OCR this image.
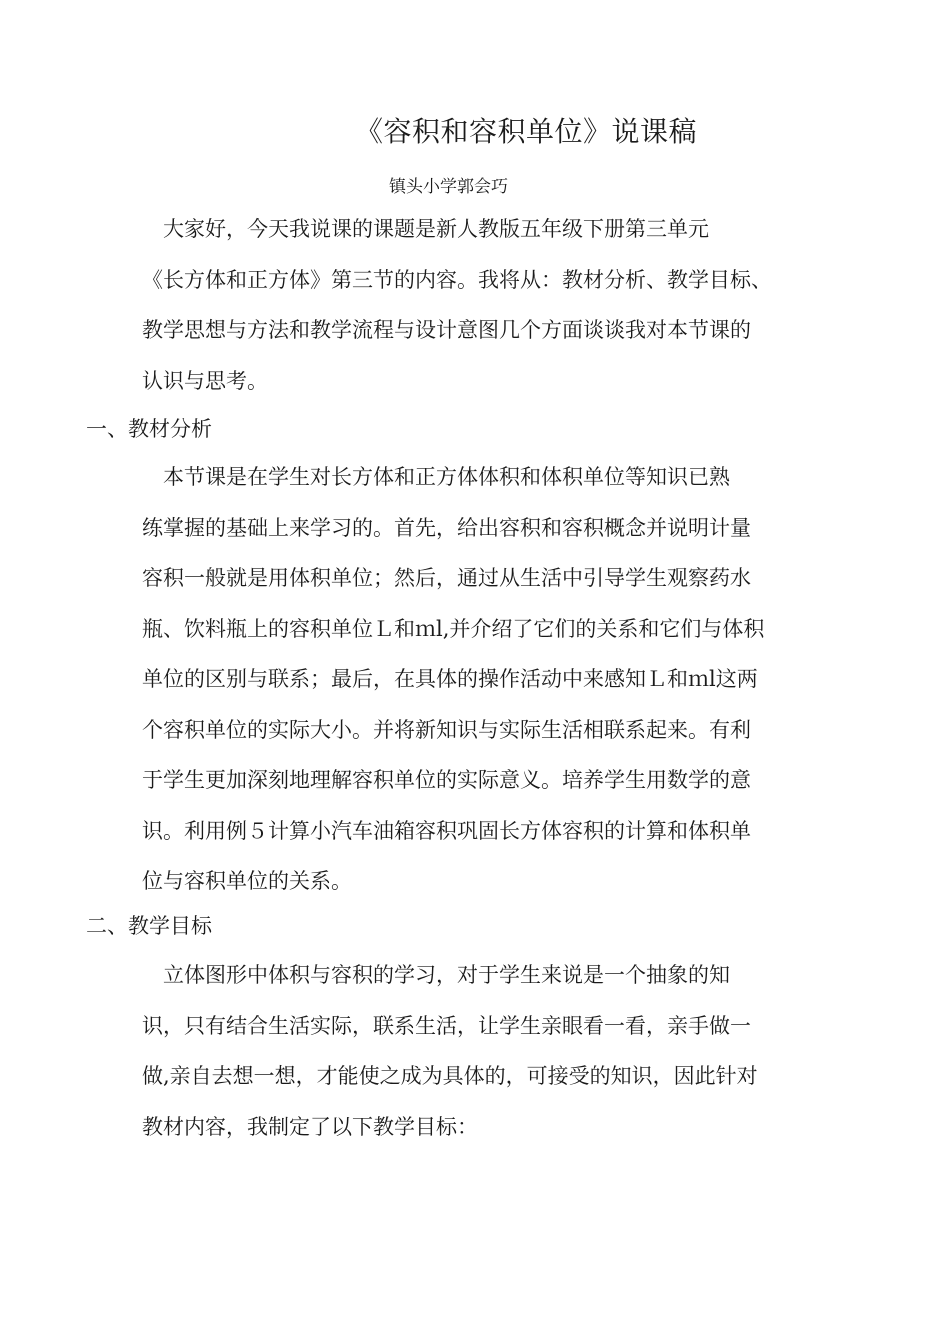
《容积和容积单位》说课稿
镇头小学郭会巧
　大家好，今天我说课的课题是新人教版五年级下册第三单元
《长方体和正方体》第三节的内容。我将从：教材分析、教学目标、
教学思想与方法和教学流程与设计意图几个方面谈谈我对本节课的
认识与思考。
一、教材分析
　本节课是在学生对长方体和正方体体积和体积单位等知识已熟
练掌握的基础上来学习的。首先，给出容积和容积概念并说明计量
容积一般就是用体积单位；然后，通过从生活中引导学生观察药水
瓶、饮料瓶上的容积单位Ｌ和ｍl,并介绍了它们的关系和它们与体积
单位的区别与联系；最后，在具体的操作活动中来感知Ｌ和ｍl这两
个容积单位的实际大小。并将新知识与实际生活相联系起来。有利
于学生更加深刻地理解容积单位的实际意义。培养学生用数学的意
识。利用例５计算小汽车油箱容积巩固长方体容积的计算和体积单
位与容积单位的关系。
二、教学目标
　立体图形中体积与容积的学习，对于学生来说是一个抽象的知
识，只有结合生活实际，联系生活，让学生亲眼看一看，亲手做一
做,亲自去想一想，才能使之成为具体的，可接受的知识，因此针对
教材内容，我制定了以下教学目标：
